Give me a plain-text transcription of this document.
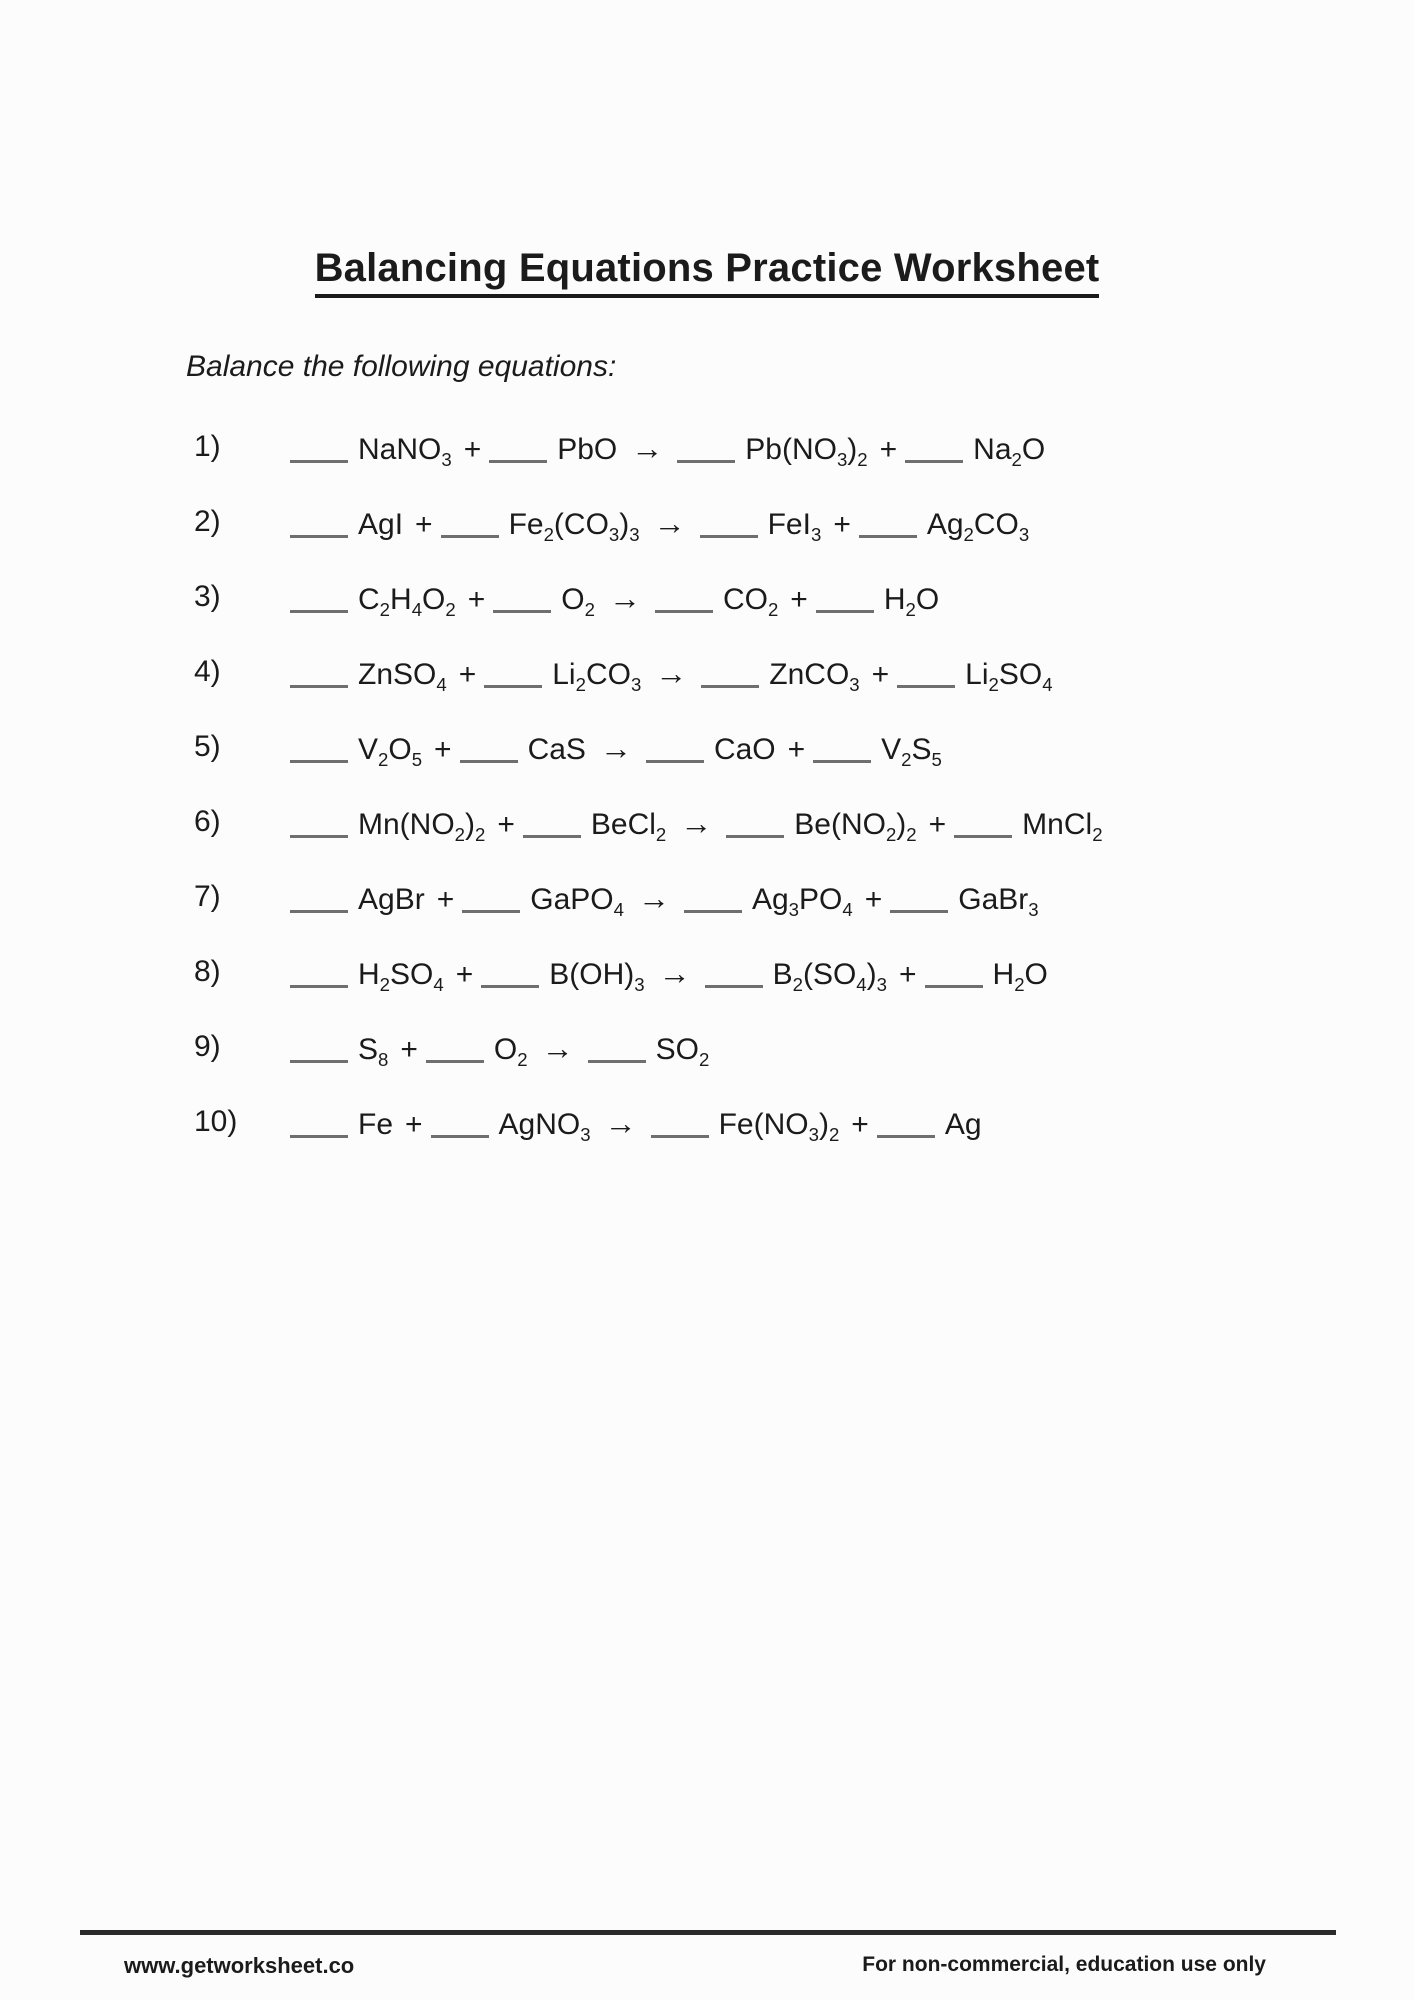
Balancing Equations Practice Worksheet
Balance the following equations:
1)	NaNO$_3$ +	PbO →	$Pb(NO_3)_2$ +	$Na_2O$
2)	AgI +	$Fe_2(CO_3)_3$ →	FeI$_3$ +	$Ag_2CO_3$
3)	$C_2H_4O_2$ +	$O_2$ →	$CO_2$ +	$H_2O$
4)	ZnSO$_4$ +	$Li_2CO_3$ →	ZnCO$_3$ +	$Li_2SO_4$
5)	$V_2O_5$ +	CaS →	CaO +	$V_2S_5$
6)	$Mn(NO_2)_2$ +	BeCl$_2$ →	$Be(NO_2)_2$ +	MnCl$_2$
7)	AgBr +	GaPO$_4$ →	$Ag_3PO_4$ +	GaBr$_3$
8)	$H_2SO_4$ +	$B(OH)_3$ →	$B_2(SO_4)_3$ +	$H_2O$
9)	$S_8$ +	$O_2$ →	$SO_2$
10)	Fe +	AgNO$_3$ →	$Fe(NO_3)_2$ +	Ag
www.getworksheet.co	For non-commercial, education use only
